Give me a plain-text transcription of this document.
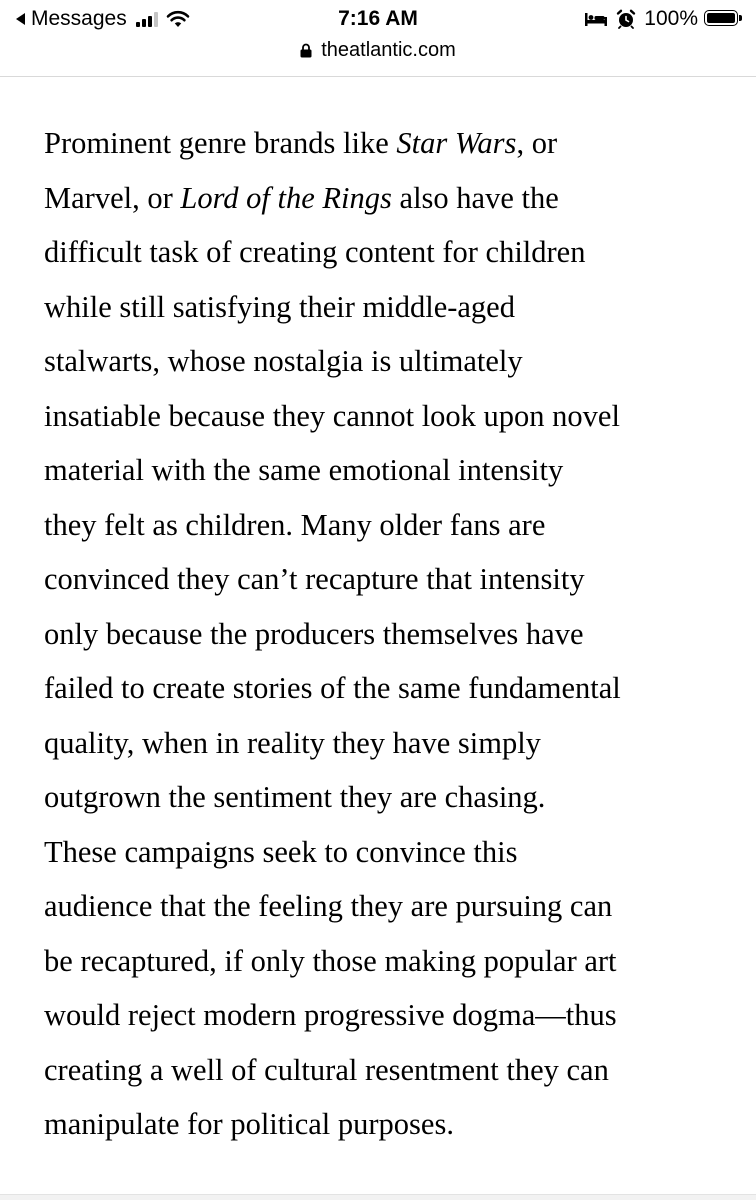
Messages	7:16 AM	100%
theatlantic.com

Prominent genre brands like Star Wars, or
Marvel, or Lord of the Rings also have the
difficult task of creating content for children
while still satisfying their middle-aged
stalwarts, whose nostalgia is ultimately
insatiable because they cannot look upon novel
material with the same emotional intensity
they felt as children. Many older fans are
convinced they can’t recapture that intensity
only because the producers themselves have
failed to create stories of the same fundamental
quality, when in reality they have simply
outgrown the sentiment they are chasing.
These campaigns seek to convince this
audience that the feeling they are pursuing can
be recaptured, if only those making popular art
would reject modern progressive dogma—thus
creating a well of cultural resentment they can
manipulate for political purposes.
